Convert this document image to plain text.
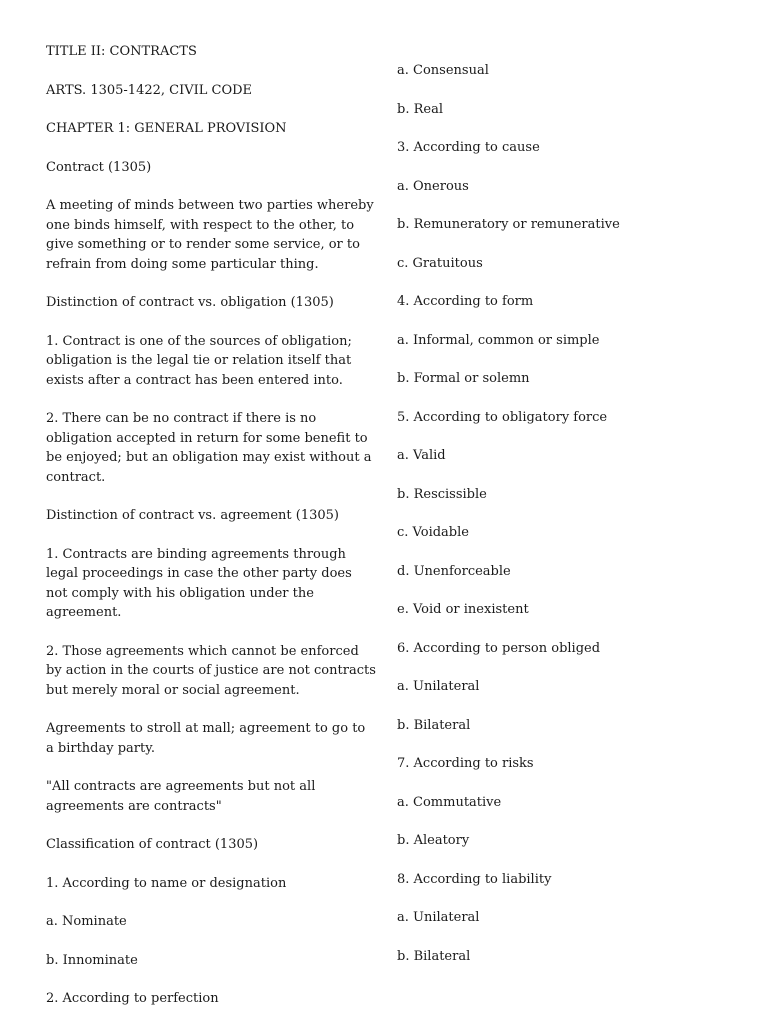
TITLE II: CONTRACTS

ARTS. 1305-1422, CIVIL CODE

CHAPTER 1: GENERAL PROVISION

Contract (1305)

A meeting of minds between two parties whereby one binds himself, with respect to the other, to give something or to render some service, or to refrain from doing some particular thing.

Distinction of contract vs. obligation (1305)

1. Contract is one of the sources of obligation; obligation is the legal tie or relation itself that exists after a contract has been entered into.

2. There can be no contract if there is no obligation accepted in return for some benefit to be enjoyed; but an obligation may exist without a contract.

Distinction of contract vs. agreement (1305)

1. Contracts are binding agreements through legal proceedings in case the other party does not comply with his obligation under the agreement.

2. Those agreements which cannot be enforced by action in the courts of justice are not contracts but merely moral or social agreement.

Agreements to stroll at mall; agreement to go to a birthday party.

"All contracts are agreements but not all agreements are contracts"

Classification of contract (1305)

1. According to name or designation

a. Nominate

b. Innominate

2. According to perfection

a. Consensual

b. Real

3. According to cause

a. Onerous

b. Remuneratory or remunerative

c. Gratuitous

4. According to form

a. Informal, common or simple

b. Formal or solemn

5. According to obligatory force

a. Valid

b. Rescissible

c. Voidable

d. Unenforceable

e. Void or inexistent

6. According to person obliged

a. Unilateral

b. Bilateral

7. According to risks

a. Commutative

b. Aleatory

8. According to liability

a. Unilateral

b. Bilateral
